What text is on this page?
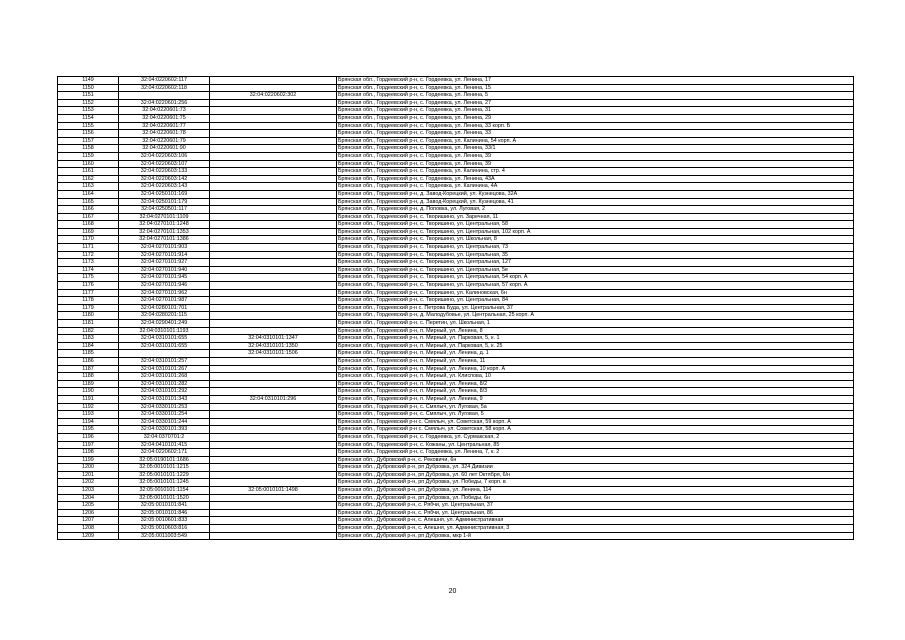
1149	32:04:0220602:117		Брянская обл., Гордеевский р-н, с. Гордеевка, ул. Ленина, 17
1150	32:04:0220602:118		Брянская обл., Гордеевский р-н, с. Гордеевка, ул. Ленина, 15
1151		32:04:0220602:302	Брянская обл., Гордеевский р-н, с. Гордеевка, ул. Ленина, 5
1152	32:04:0220601:256		Брянская обл., Гордеевский р-н, с. Гордеевка, ул. Ленина, 27
1153	32:04:0220601:73		Брянская обл., Гордеевский р-н, с. Гордеевка, ул. Ленина, 31
1154	32:04:0220601:75		Брянская обл., Гордеевский р-н, с. Гордеевка, ул. Ленина, 29
1155	32:04:0220601:77		Брянская обл., Гордеевский р-н, с. Гордеевка, ул. Ленина, 33 корп. Б
1156	32:04:0220601:78		Брянская обл., Гордеевский р-н, с. Гордеевка, ул. Ленина, 33
1157	32:04:0220601:79		Брянская обл., Гордеевский р-н, с. Гордеевка, ул. Калинина, 54 корп. А
1158	32:04:0220601:90		Брянская обл., Гордеевский р-н, с. Гордеевка, ул. Ленина, 33/1
1159	32:04:0220603:106		Брянская обл., Гордеевский р-н, с. Гордеевка, ул. Ленина, 39
1160	32:04:0220603:107		Брянская обл., Гордеевский р-н, с. Гордеевка, ул. Ленина, 39
1161	32:04:0220603:133		Брянская обл., Гордеевский р-н, с. Гордеевка, ул. Калинина, стр. 4
1162	32:04:0220603:142		Брянская обл., Гордеевский р-н, с. Гордеевка, ул. Ленина, 43А
1163	32:04:0220603:143		Брянская обл., Гордеевский р-н, с. Гордеевка, ул. Калинина, 4А
1164	32:04:0250101:169		Брянская обл., Гордеевский р-н, д. Завод-Корецкий, ул. Кузнецова, 32А
1165	32:04:0250101:179		Брянская обл., Гордеевский р-н, д. Завод-Корецкий, ул. Кузнецова, 41
1166	32:04:0250501:117		Брянская обл., Гордеевский р-н, д. Поповка, ул. Луговая, 2
1167	32:04:0270101:1109		Брянская обл., Гордеевский р-н, с. Творишино, ул. Заречная, 11
1168	32:04:0270101:1248		Брянская обл., Гордеевский р-н, с. Творишино, ул. Центральная, 58
1169	32:04:0270101:1353		Брянская обл., Гордеевский р-н, с. Творишино, ул. Центральная, 102 корп. А
1170	32:04:0270101:1386		Брянская обл., Гордеевский р-н, с. Творишино, ул. Школьная, 8
1171	32:04:0270101:903		Брянская обл., Гордеевский р-н, с. Творишино, ул. Центральная, 73
1172	32:04:0270101:914		Брянская обл., Гордеевский р-н, с. Творишино, ул. Центральная, 35
1173	32:04:0270101:927		Брянская обл., Гордеевский р-н, с. Творишино, ул. Центральная, 127
1174	32:04:0270101:940		Брянская обл., Гордеевский р-н, с. Творишино, ул. Центральная, 5е
1175	32:04:0270101:945		Брянская обл., Гордеевский р-н, с. Творишино, ул. Центральная, 54 корп. А
1176	32:04:0270101:946		Брянская обл., Гордеевский р-н, с. Творишино, ул. Центральная, 57 корп. А
1177	32:04:0270101:962		Брянская обл., Гордеевский р-н, с. Творишино, ул. Калиновская, 6н
1178	32:04:0270101:987		Брянская обл., Гордеевский р-н, с. Творишино, ул. Центральная, 84
1179	32:04:0280101:701		Брянская обл., Гордеевский р-н с. Петрова Буда, ул. Центральная, 37
1180	32:04:0280201:115		Брянская обл., Гордеевский р-н, д. Малодубовье, ул. Центральная, 25 корп. А
1181	32:04:0290401:249		Брянская обл., Гордеевский р-н, с. Перетин, ул. Школьная, 1
1182	32:04:0310101:1193		Брянская обл., Гордеевский р-н, п. Мирный, ул. Ленина, 8
1183	32:04:0310101:655	32:04:0310101:1347	Брянская обл., Гордеевский р-н, п. Мирный, ул. Парковая, 5, к. 1
1184	32:04:0310101:655	32:04:0310101:1350	Брянская обл., Гордеевский р-н, п. Мирный, ул. Парковая, 5, к. 25
1185		32:04:0310101:1506	Брянская обл., Гордеевский р-н, п. Мирный, ул. Ленина, д. 1
1186	32:04:0310101:257		Брянская обл., Гордеевский р-н, п. Мирный, ул. Ленина, 11
1187	32:04:0310101:267		Брянская обл., Гордеевский р-н, п. Мирный, ул. Ленина, 10 корп. А
1188	32:04:0310101:268		Брянская обл., Гордеевский р-н, п. Мирный, ул. Клиспова, 10
1189	32:04:0310101:282		Брянская обл., Гордеевский р-н, п. Мирный, ул. Ленина, 8/2
1190	32:04:0310101:292		Брянская обл., Гордеевский р-н, п. Мирный, ул. Ленина, 8/3
1191	32:04:0310101:343	32:04:0310101:296	Брянская обл., Гордеевский р-н, п. Мирный, ул. Ленина, 9
1192	32:04:0330101:253		Брянская обл., Гордеевский р-н, с. Смялыч, ул. Луговая, 5а
1193	32:04:0330101:254		Брянская обл., Гордеевский р-н, с. Смялыч, ул. Луговая, 5
1194	32:04:0330101:244		Брянская обл., Гордеевский р-н с. Смялыч, ул. Советская, 59 корп. А
1195	32:04:0330101:393		Брянская обл., Гордеевский р-н с. Смялыч, ул. Советская, 58 корп. А
1196	32:04:0370701:2		Брянская обл., Гордеевский р-н, с. Гордеевка, ул. Сурмакская, 2
1197	32:04:0410101:415		Брянская обл., Гордеевский р-н, с. Кожаны, ул. Центральная, 85
1198	32:04:0220602:171		Брянская обл., Гордеевский р-н, с. Гордеевка, ул. Ленина, 7, к. 2
1199	32:05:0190101:1686		Брянская обл., Дубровский р-н, с. Рековичи, 6н
1200	32:05:0010101:1215		Брянская обл., Дубровский р-н, рп Дубровка, ул. 324 Дивизии
1201	32:05:0010101:1229		Брянская обл., Дубровский р-н, рп Дубровка, ул. 60 лет Октября, 6/н
1202	32:05:0010101:1245		Брянская обл., Дубровский р-н, рп Дубровка, ул. Победы, 7 корп. в
1203	32:05:0010101:1154	32:05:0010101:1498	Брянская обл., Дубровский р-н, рп Дубровка, ул. Ленина, 114
1204	32:05:0010101:1520		Брянская обл., Дубровский р-н, рп Дубровка, ул. Победы, 6н
1205	32:05:0010101:841		Брянская обл., Дубровский р-н, с. Рябчи, ул. Центральная, 37
1206	32:05:0010101:846		Брянская обл., Дубровский р-н, с. Рябчи, ул. Центральная, 86
1207	32:05:0010601:833		Брянская обл., Дубровский р-н, с. Алешня, ул. Административная
1208	32:05:0010603:816		Брянская обл., Дубровский р-н, с. Алешня, ул. Административная, 3
1209	32:05:0011003:549		Брянская обл., Дубровский р-н, рп Дубровка, мкр 1-й
20
